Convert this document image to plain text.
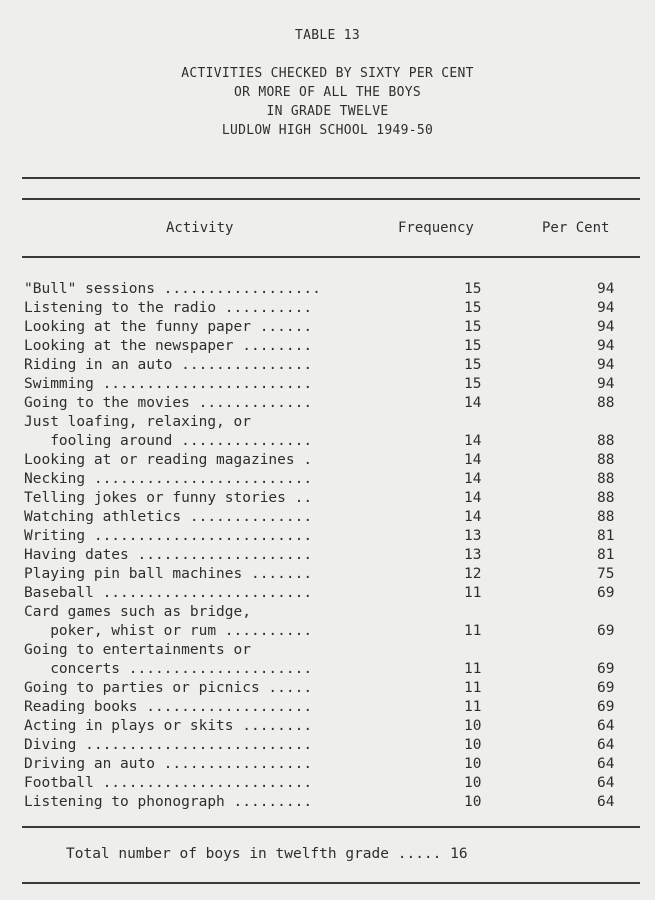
TABLE 13
ACTIVITIES CHECKED BY SIXTY PER CENT
OR MORE OF ALL THE BOYS
IN GRADE TWELVE
LUDLOW HIGH SCHOOL 1949-50
Activity	Frequency	Per Cent
"Bull" sessions ..................	15	94
Listening to the radio ..........	15	94
Looking at the funny paper ......	15	94
Looking at the newspaper ........	15	94
Riding in an auto ...............	15	94
Swimming ........................	15	94
Going to the movies .............	14	88
Just loafing, relaxing, or
fooling around ...............	14	88
Looking at or reading magazines .	14	88
Necking .........................	14	88
Telling jokes or funny stories ..	14	88
Watching athletics ..............	14	88
Writing .........................	13	81
Having dates ....................	13	81
Playing pin ball machines .......	12	75
Baseball ........................	11	69
Card games such as bridge,
poker, whist or rum ..........	11	69
Going to entertainments or
concerts .....................	11	69
Going to parties or picnics .....	11	69
Reading books ...................	11	69
Acting in plays or skits ........	10	64
Diving ..........................	10	64
Driving an auto .................	10	64
Football ........................	10	64
Listening to phonograph .........	10	64
Total number of boys in twelfth grade ..... 16
